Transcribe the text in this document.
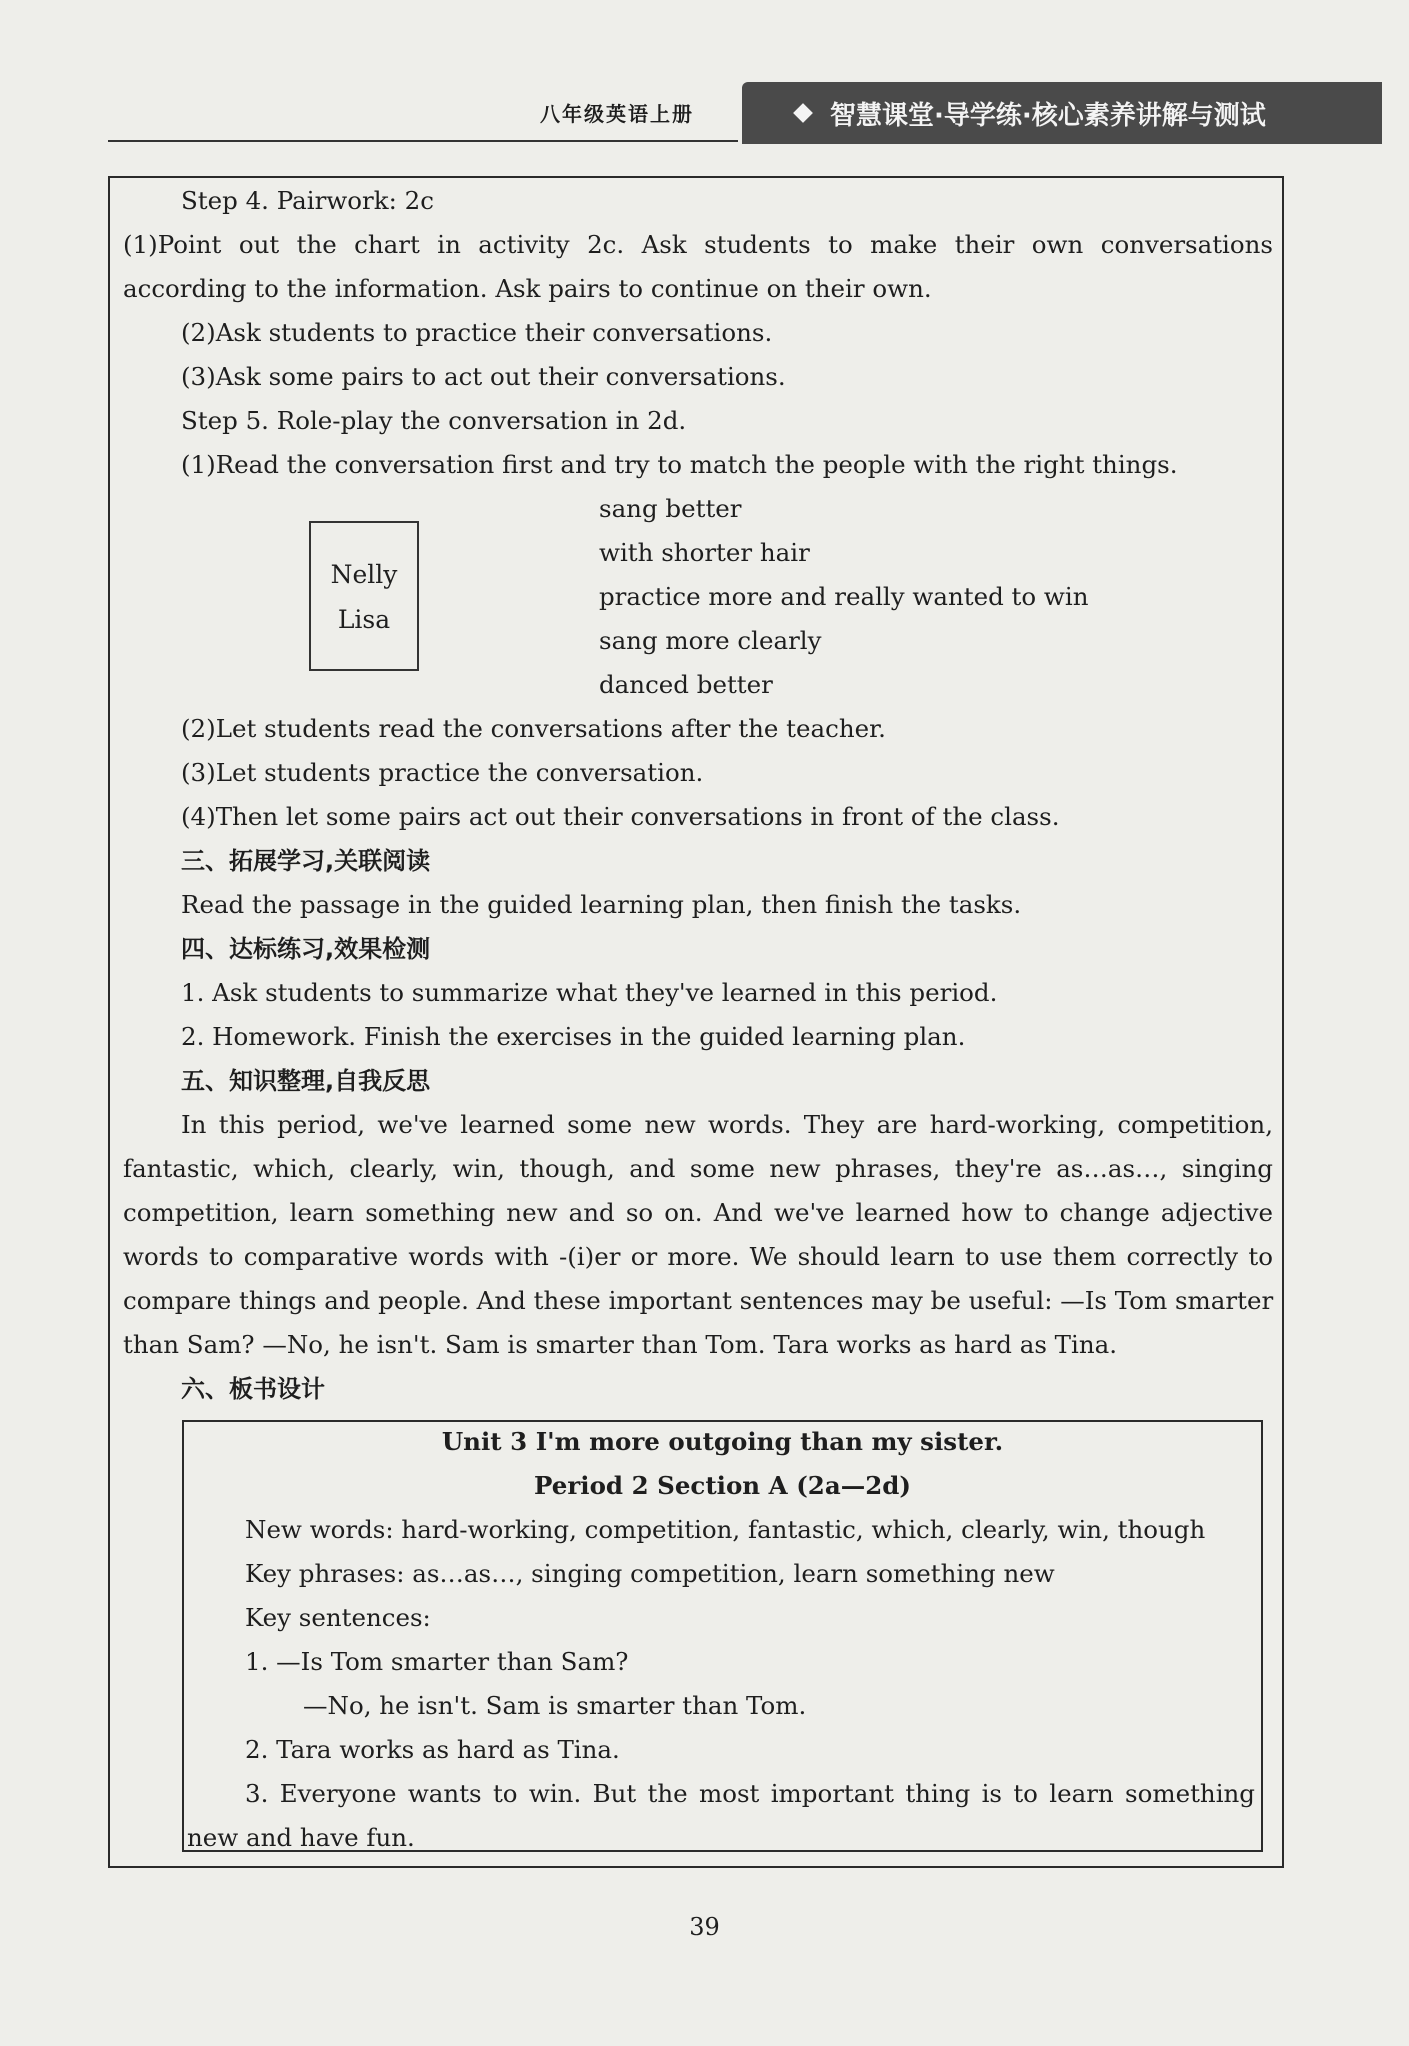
八年级英语上册	智慧课堂·导学练·核心素养讲解与测试
Step 4. Pairwork: 2c
(1)Point out the chart in activity 2c. Ask students to make their own conversations
according to the information. Ask pairs to continue on their own.
(2)Ask students to practice their conversations.
(3)Ask some pairs to act out their conversations.
Step 5. Role-play the conversation in 2d.
(1)Read the conversation first and try to match the people with the right things.
Nelly
Lisa
sang better
with shorter hair
practice more and really wanted to win
sang more clearly
danced better
(2)Let students read the conversations after the teacher.
(3)Let students practice the conversation.
(4)Then let some pairs act out their conversations in front of the class.
三、拓展学习,关联阅读
Read the passage in the guided learning plan, then finish the tasks.
四、达标练习,效果检测
1. Ask students to summarize what they've learned in this period.
2. Homework. Finish the exercises in the guided learning plan.
五、知识整理,自我反思
In this period, we've learned some new words. They are hard-working, competition,
fantastic, which, clearly, win, though, and some new phrases, they're as…as…, singing
competition, learn something new and so on. And we've learned how to change adjective
words to comparative words with -(i)er or more. We should learn to use them correctly to
compare things and people. And these important sentences may be useful: —Is Tom smarter
than Sam? —No, he isn't. Sam is smarter than Tom. Tara works as hard as Tina.
六、板书设计
Unit 3 I'm more outgoing than my sister.
Period 2 Section A (2a—2d)
New words: hard-working, competition, fantastic, which, clearly, win, though
Key phrases: as…as…, singing competition, learn something new
Key sentences:
1. —Is Tom smarter than Sam?
—No, he isn't. Sam is smarter than Tom.
2. Tara works as hard as Tina.
3. Everyone wants to win. But the most important thing is to learn something
new and have fun.
39
